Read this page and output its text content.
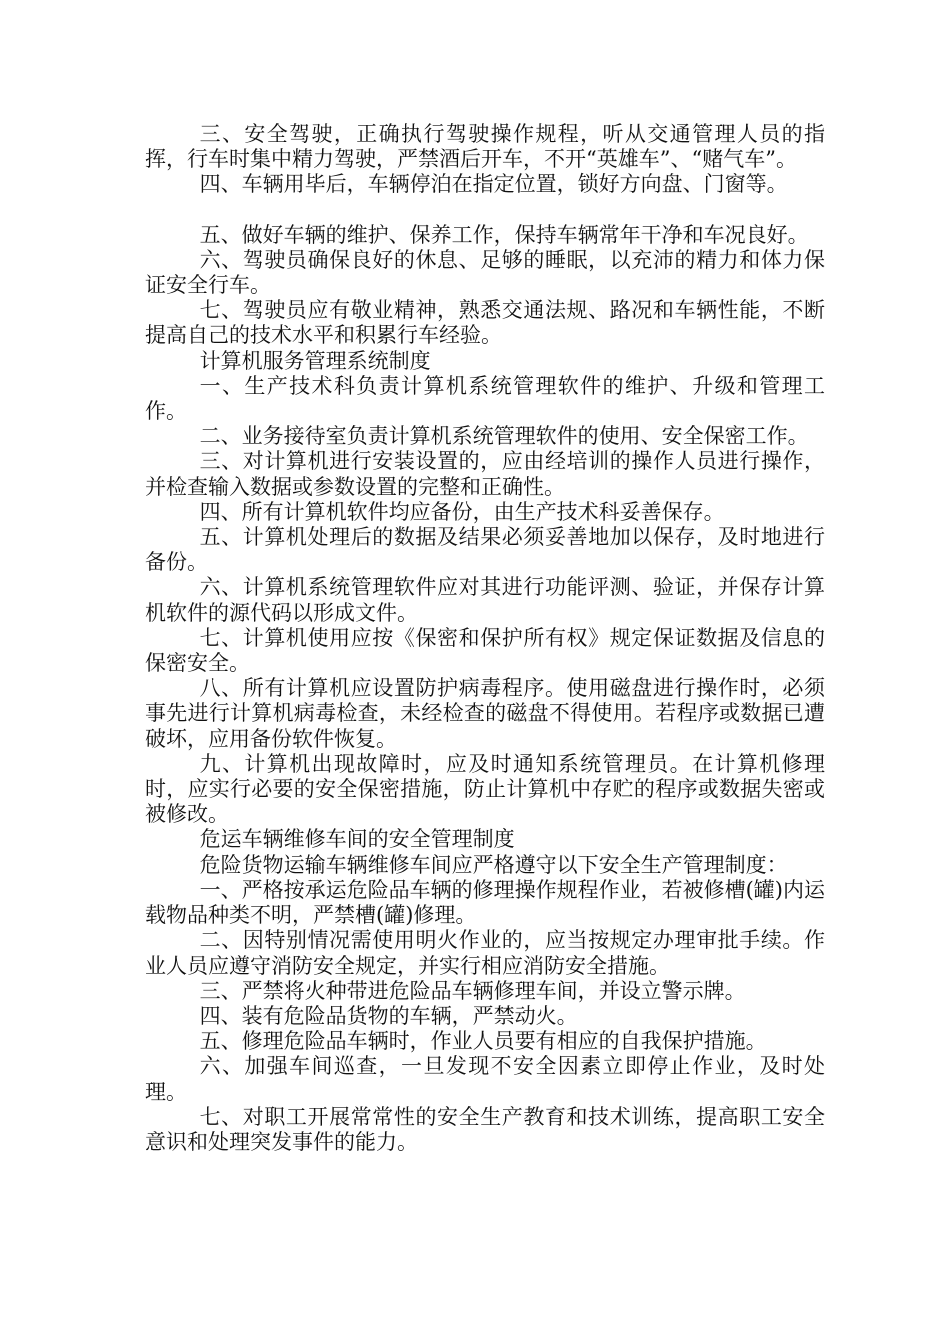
三、安全驾驶，正确执行驾驶操作规程，听从交通管理人员的指挥，行车时集中精力驾驶，严禁酒后开车，不开“英雄车”、“赌气车”。

四、车辆用毕后，车辆停泊在指定位置，锁好方向盘、门窗等。

五、做好车辆的维护、保养工作，保持车辆常年干净和车况良好。

六、驾驶员确保良好的休息、足够的睡眠，以充沛的精力和体力保证安全行车。

七、驾驶员应有敬业精神，熟悉交通法规、路况和车辆性能，不断提高自己的技术水平和积累行车经验。

计算机服务管理系统制度

一、生产技术科负责计算机系统管理软件的维护、升级和管理工作。

二、业务接待室负责计算机系统管理软件的使用、安全保密工作。

三、对计算机进行安装设置的，应由经培训的操作人员进行操作，并检查输入数据或参数设置的完整和正确性。

四、所有计算机软件均应备份，由生产技术科妥善保存。

五、计算机处理后的数据及结果必须妥善地加以保存，及时地进行备份。

六、计算机系统管理软件应对其进行功能评测、验证，并保存计算机软件的源代码以形成文件。

七、计算机使用应按《保密和保护所有权》规定保证数据及信息的保密安全。

八、所有计算机应设置防护病毒程序。使用磁盘进行操作时，必须事先进行计算机病毒检查，未经检查的磁盘不得使用。若程序或数据已遭破坏，应用备份软件恢复。

九、计算机出现故障时，应及时通知系统管理员。在计算机修理时，应实行必要的安全保密措施，防止计算机中存贮的程序或数据失密或被修改。

危运车辆维修车间的安全管理制度

危险货物运输车辆维修车间应严格遵守以下安全生产管理制度：

一、严格按承运危险品车辆的修理操作规程作业，若被修槽(罐)内运载物品种类不明，严禁槽(罐)修理。

二、因特别情况需使用明火作业的，应当按规定办理审批手续。作业人员应遵守消防安全规定，并实行相应消防安全措施。

三、严禁将火种带进危险品车辆修理车间，并设立警示牌。

四、装有危险品货物的车辆，严禁动火。

五、修理危险品车辆时，作业人员要有相应的自我保护措施。

六、加强车间巡查，一旦发现不安全因素立即停止作业，及时处理。

七、对职工开展常常性的安全生产教育和技术训练，提高职工安全意识和处理突发事件的能力。
